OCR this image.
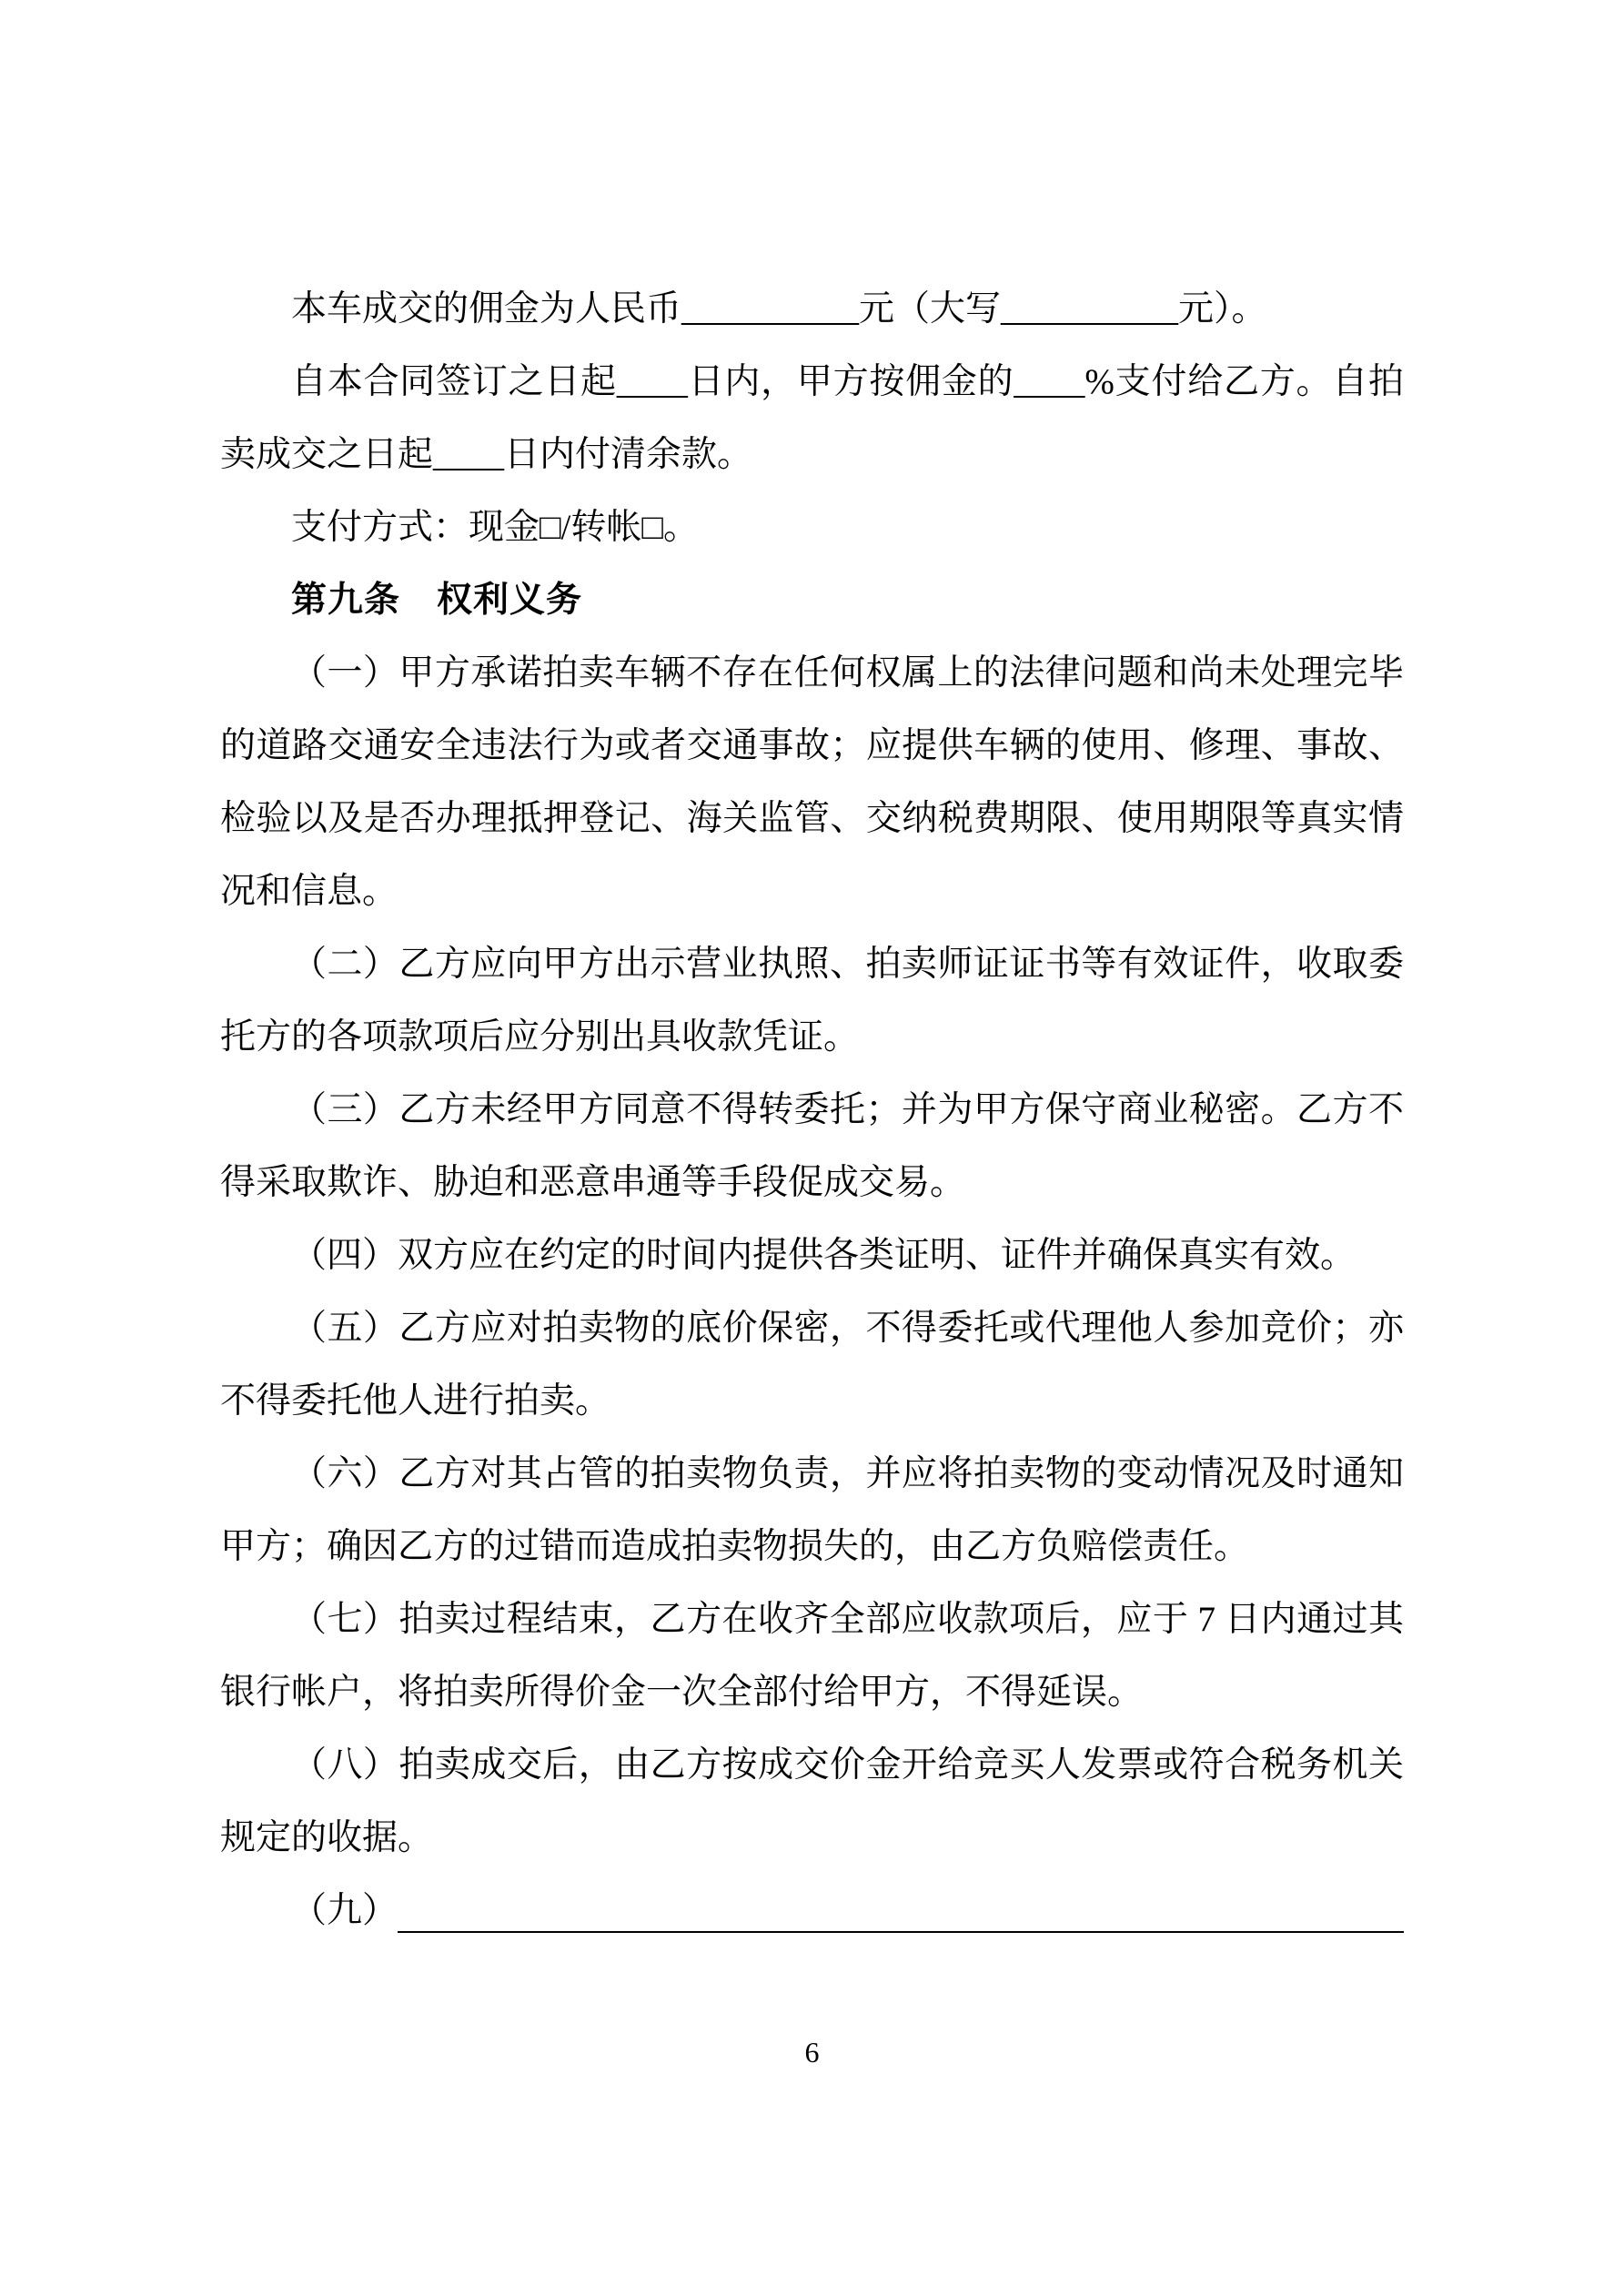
本车成交的佣金为人民币__________元（大写__________元）。

自本合同签订之日起____日内，甲方按佣金的____%支付给乙方。自拍卖成交之日起____日内付清余款。

支付方式：现金□/转帐□。

第九条　权利义务

（一）甲方承诺拍卖车辆不存在任何权属上的法律问题和尚未处理完毕的道路交通安全违法行为或者交通事故；应提供车辆的使用、修理、事故、检验以及是否办理抵押登记、海关监管、交纳税费期限、使用期限等真实情况和信息。

（二）乙方应向甲方出示营业执照、拍卖师证证书等有效证件，收取委托方的各项款项后应分别出具收款凭证。

（三）乙方未经甲方同意不得转委托；并为甲方保守商业秘密。乙方不得采取欺诈、胁迫和恶意串通等手段促成交易。

（四）双方应在约定的时间内提供各类证明、证件并确保真实有效。

（五）乙方应对拍卖物的底价保密，不得委托或代理他人参加竞价；亦不得委托他人进行拍卖。

（六）乙方对其占管的拍卖物负责，并应将拍卖物的变动情况及时通知甲方；确因乙方的过错而造成拍卖物损失的，由乙方负赔偿责任。

（七）拍卖过程结束，乙方在收齐全部应收款项后，应于 7 日内通过其银行帐户，将拍卖所得价金一次全部付给甲方，不得延误。

（八）拍卖成交后，由乙方按成交价金开给竞买人发票或符合税务机关规定的收据。

（九）

6
